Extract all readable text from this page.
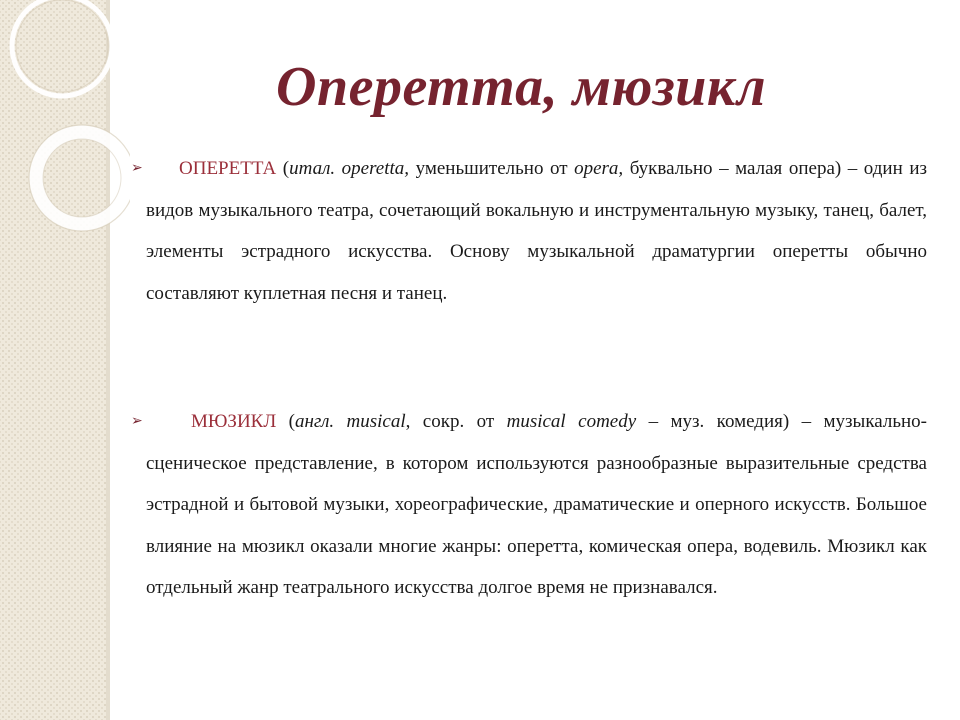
Оперетта, мюзикл
➢	ОПЕРЕТТА (итал. operetta, уменьшительно от opera, буквально – малая опера) – один из видов музыкального театра, сочетающий вокальную и инструментальную музыку, танец, балет, элементы эстрадного искусства. Основу музыкальной драматургии оперетты обычно составляют куплетная песня и танец.

➢	МЮЗИКЛ (англ. musical, сокр. от musical comedy – муз. комедия) – музыкально-сценическое представление, в котором используются разнообразные выразительные средства эстрадной и бытовой музыки, хореографические, драматические и оперного искусств. Большое влияние на мюзикл оказали многие жанры: оперетта, комическая опера, водевиль. Мюзикл как отдельный жанр театрального искусства долгое время не признавался.
